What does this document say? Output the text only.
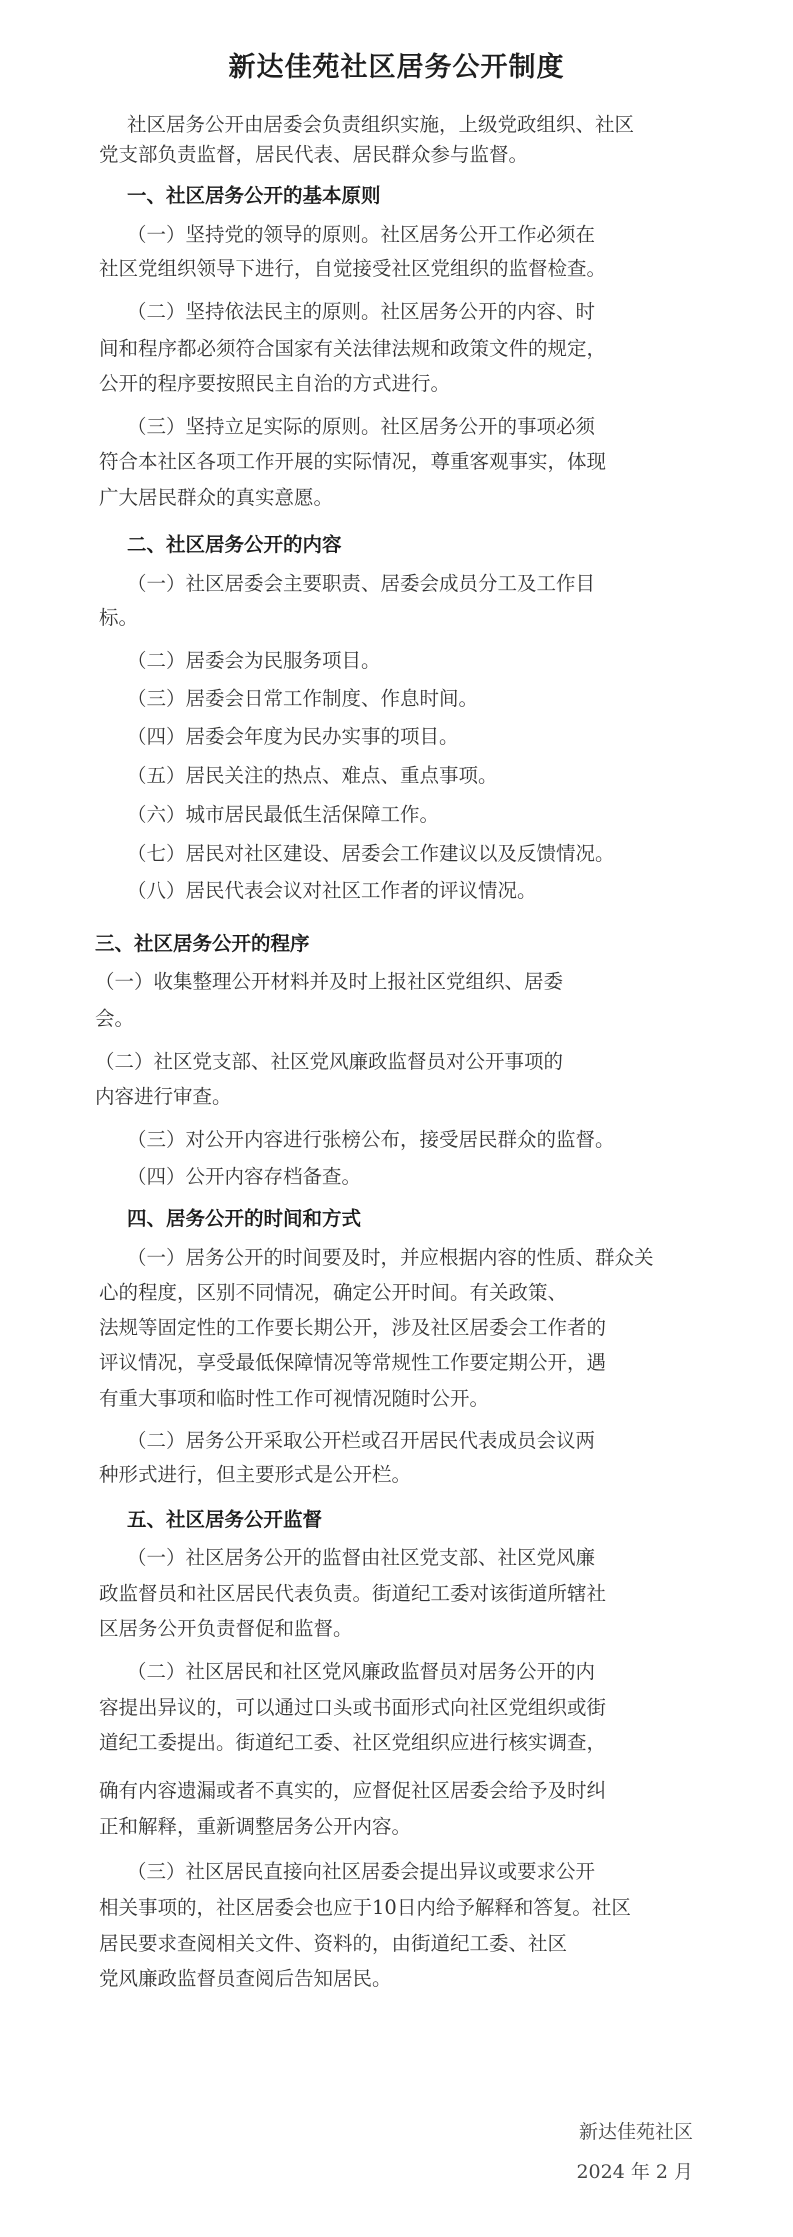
新达佳苑社区居务公开制度
社区居务公开由居委会负责组织实施，上级党政组织、社区
党支部负责监督，居民代表、居民群众参与监督。
一、社区居务公开的基本原则
（一）坚持党的领导的原则。社区居务公开工作必须在
社区党组织领导下进行，自觉接受社区党组织的监督检查。
（二）坚持依法民主的原则。社区居务公开的内容、时
间和程序都必须符合国家有关法律法规和政策文件的规定，
公开的程序要按照民主自治的方式进行。
（三）坚持立足实际的原则。社区居务公开的事项必须
符合本社区各项工作开展的实际情况，尊重客观事实，体现
广大居民群众的真实意愿。
二、社区居务公开的内容
（一）社区居委会主要职责、居委会成员分工及工作目
标。
（二）居委会为民服务项目。
（三）居委会日常工作制度、作息时间。
（四）居委会年度为民办实事的项目。
（五）居民关注的热点、难点、重点事项。
（六）城市居民最低生活保障工作。
（七）居民对社区建设、居委会工作建议以及反馈情况。
（八）居民代表会议对社区工作者的评议情况。
三、社区居务公开的程序
（一）收集整理公开材料并及时上报社区党组织、居委
会。
（二）社区党支部、社区党风廉政监督员对公开事项的
内容进行审查。
（三）对公开内容进行张榜公布，接受居民群众的监督。
（四）公开内容存档备查。
四、居务公开的时间和方式
（一）居务公开的时间要及时，并应根据内容的性质、群众关
心的程度，区别不同情况，确定公开时间。有关政策、
法规等固定性的工作要长期公开，涉及社区居委会工作者的
评议情况，享受最低保障情况等常规性工作要定期公开，遇
有重大事项和临时性工作可视情况随时公开。
（二）居务公开采取公开栏或召开居民代表成员会议两
种形式进行，但主要形式是公开栏。
五、社区居务公开监督
（一）社区居务公开的监督由社区党支部、社区党风廉
政监督员和社区居民代表负责。街道纪工委对该街道所辖社
区居务公开负责督促和监督。
（二）社区居民和社区党风廉政监督员对居务公开的内
容提出异议的，可以通过口头或书面形式向社区党组织或街
道纪工委提出。街道纪工委、社区党组织应进行核实调查，
确有内容遗漏或者不真实的，应督促社区居委会给予及时纠
正和解释，重新调整居务公开内容。
（三）社区居民直接向社区居委会提出异议或要求公开
相关事项的，社区居委会也应于10日内给予解释和答复。社区
居民要求查阅相关文件、资料的，由街道纪工委、社区
党风廉政监督员查阅后告知居民。
新达佳苑社区
2024 年 2 月
